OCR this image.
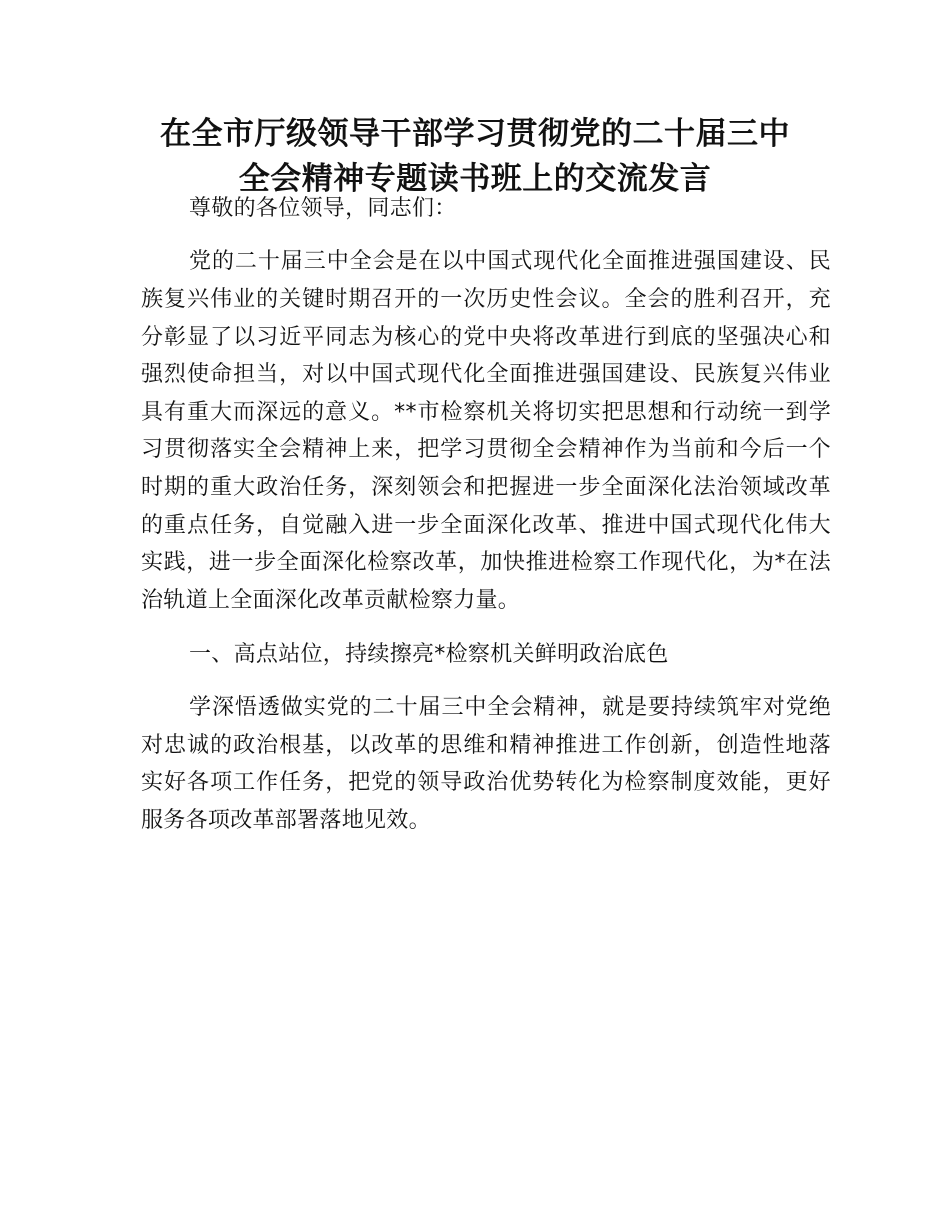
在全市厅级领导干部学习贯彻党的二十届三中
全会精神专题读书班上的交流发言

尊敬的各位领导，同志们：

党的二十届三中全会是在以中国式现代化全面推进强国建设、民族复兴伟业的关键时期召开的一次历史性会议。全会的胜利召开，充分彰显了以习近平同志为核心的党中央将改革进行到底的坚强决心和强烈使命担当，对以中国式现代化全面推进强国建设、民族复兴伟业具有重大而深远的意义。**市检察机关将切实把思想和行动统一到学习贯彻落实全会精神上来，把学习贯彻全会精神作为当前和今后一个时期的重大政治任务，深刻领会和把握进一步全面深化法治领域改革的重点任务，自觉融入进一步全面深化改革、推进中国式现代化伟大实践，进一步全面深化检察改革，加快推进检察工作现代化，为*在法治轨道上全面深化改革贡献检察力量。

一、高点站位，持续擦亮*检察机关鲜明政治底色

学深悟透做实党的二十届三中全会精神，就是要持续筑牢对党绝对忠诚的政治根基，以改革的思维和精神推进工作创新，创造性地落实好各项工作任务，把党的领导政治优势转化为检察制度效能，更好服务各项改革部署落地见效。
